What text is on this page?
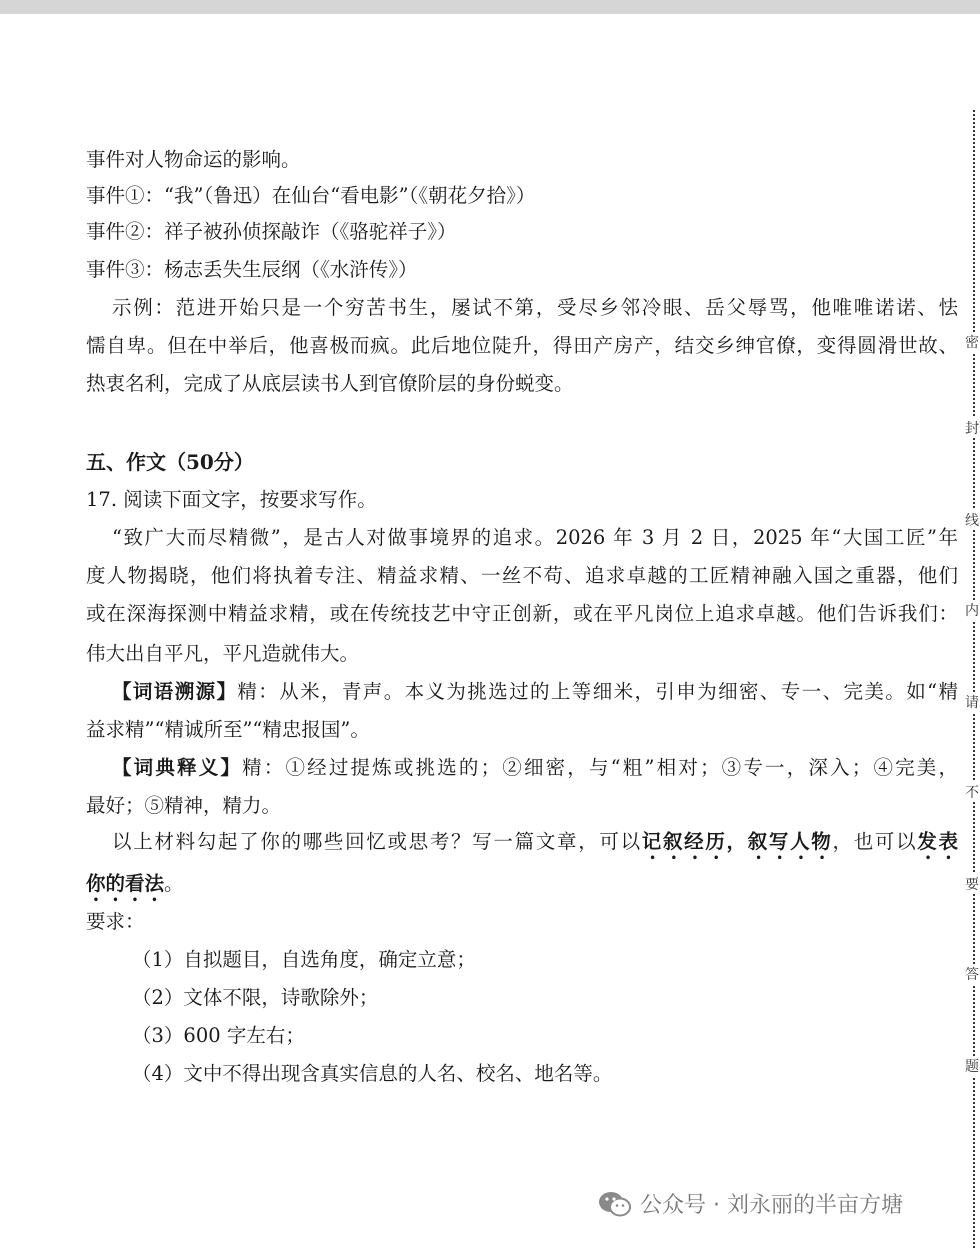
事件对人物命运的影响。
事件①：“我”（鲁迅）在仙台“看电影”（《朝花夕拾》）
事件②：祥子被孙侦探敲诈（《骆驼祥子》）
事件③：杨志丢失生辰纲（《水浒传》）
示例：范进开始只是一个穷苦书生，屡试不第，受尽乡邻冷眼、岳父辱骂，他唯唯诺诺、怯
懦自卑。但在中举后，他喜极而疯。此后地位陡升，得田产房产，结交乡绅官僚，变得圆滑世故、
热衷名利，完成了从底层读书人到官僚阶层的身份蜕变。
五、作文（50分）
17. 阅读下面文字，按要求写作。
“致广大而尽精微”，是古人对做事境界的追求。2026 年 3 月 2 日，2025 年“大国工匠”年
度人物揭晓，他们将执着专注、精益求精、一丝不苟、追求卓越的工匠精神融入国之重器，他们
或在深海探测中精益求精，或在传统技艺中守正创新，或在平凡岗位上追求卓越。他们告诉我们：
伟大出自平凡，平凡造就伟大。
【词语溯源】精：从米，青声。本义为挑选过的上等细米，引申为细密、专一、完美。如“精
益求精”“精诚所至”“精忠报国”。
【词典释义】精：①经过提炼或挑选的；②细密，与“粗”相对；③专一，深入；④完美，
最好；⑤精神，精力。
以上材料勾起了你的哪些回忆或思考？写一篇文章，可以记叙经历，叙写人物，也可以发表
你的看法。
要求：
（1）自拟题目，自选角度，确定立意；
（2）文体不限，诗歌除外；
（3）600 字左右；
（4）文中不得出现含真实信息的人名、校名、地名等。
密
封
线
内
请
不
要
答
题
公众号 · 刘永丽的半亩方塘
